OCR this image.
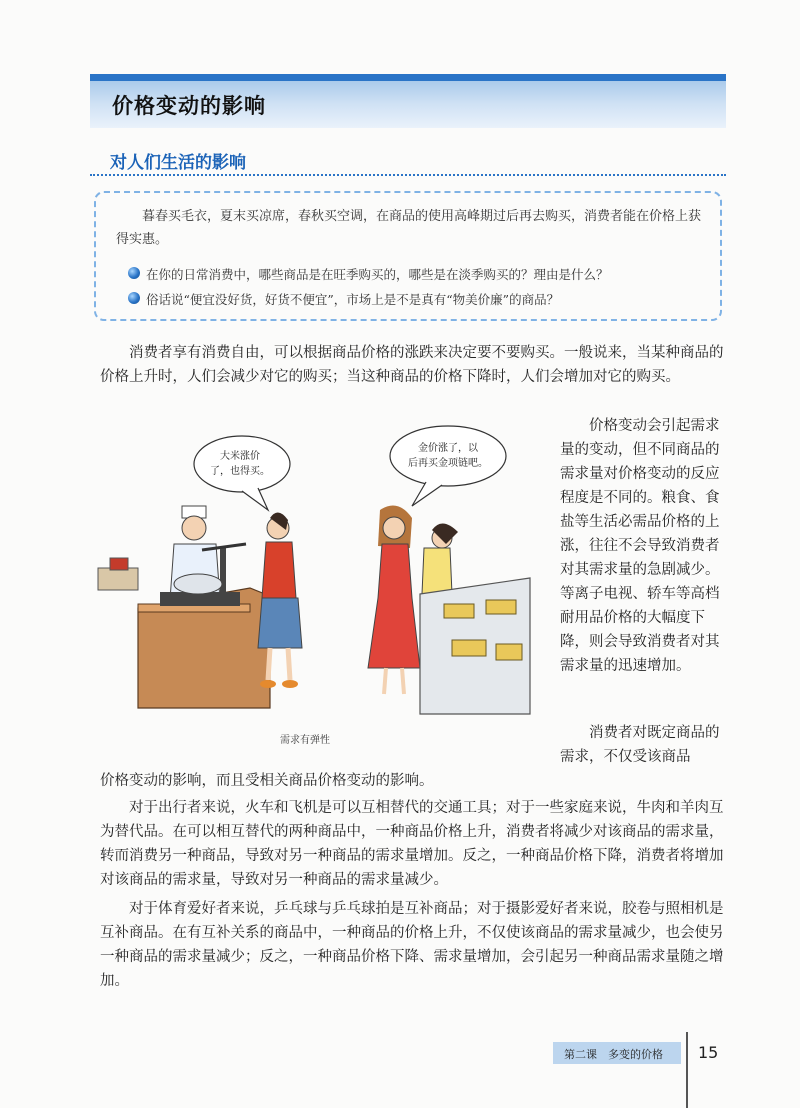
价格变动的影响
对人们生活的影响

暮春买毛衣，夏末买凉席，春秋买空调，在商品的使用高峰期过后再去购买，消费者能在价格上获得实惠。

在你的日常消费中，哪些商品是在旺季购买的，哪些是在淡季购买的？理由是什么？
俗话说“便宜没好货，好货不便宜”，市场上是不是真有“物美价廉”的商品？

消费者享有消费自由，可以根据商品价格的涨跌来决定要不要购买。一般说来，当某种商品的价格上升时，人们会减少对它的购买；当这种商品的价格下降时，人们会增加对它的购买。

大米涨价
了，也得买。
金价涨了，以
后再买金项链吧。
需求有弹性

价格变动会引起需求量的变动，但不同商品的需求量对价格变动的反应程度是不同的。粮食、食盐等生活必需品价格的上涨，往往不会导致消费者对其需求量的急剧减少。等离子电视、轿车等高档耐用品价格的大幅度下降，则会导致消费者对其需求量的迅速增加。

消费者对既定商品的需求，不仅受该商品

价格变动的影响，而且受相关商品价格变动的影响。

对于出行者来说，火车和飞机是可以互相替代的交通工具；对于一些家庭来说，牛肉和羊肉互为替代品。在可以相互替代的两种商品中，一种商品价格上升，消费者将减少对该商品的需求量，转而消费另一种商品，导致对另一种商品的需求量增加。反之，一种商品价格下降，消费者将增加对该商品的需求量，导致对另一种商品的需求量减少。

对于体育爱好者来说，乒乓球与乒乓球拍是互补商品；对于摄影爱好者来说，胶卷与照相机是互补商品。在有互补关系的商品中，一种商品的价格上升，不仅使该商品的需求量减少，也会使另一种商品的需求量减少；反之，一种商品价格下降、需求量增加，会引起另一种商品需求量随之增加。

第二课　多变的价格 15
